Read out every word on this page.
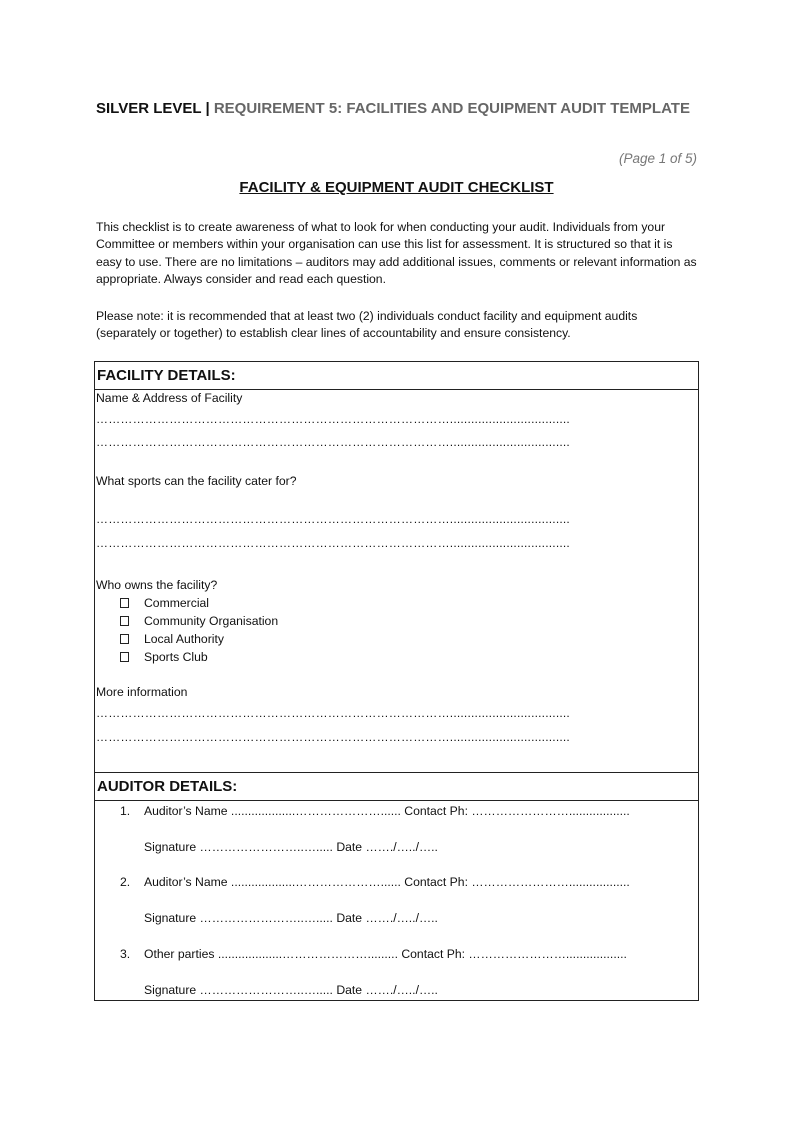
SILVER LEVEL | REQUIREMENT 5: FACILITIES AND EQUIPMENT AUDIT TEMPLATE
(Page 1 of 5)
FACILITY & EQUIPMENT AUDIT CHECKLIST
This checklist is to create awareness of what to look for when conducting your audit. Individuals from your Committee or members within your organisation can use this list for assessment. It is structured so that it is easy to use. There are no limitations – auditors may add additional issues, comments or relevant information as appropriate. Always consider and read each question.
Please note: it is recommended that at least two (2) individuals conduct facility and equipment audits (separately or together) to establish clear lines of accountability and ensure consistency.
FACILITY DETAILS:
Name & Address of Facility
……………………………………………………………………………..................................
……………………………………………………………………………..................................
What sports can the facility cater for?
……………………………………………………………………………..................................
……………………………………………………………………………..................................
Who owns the facility?
Commercial
Community Organisation
Local Authority
Sports Club
More information
……………………………………………………………………………..................................
……………………………………………………………………………..................................
AUDITOR DETAILS:
1. Auditor’s Name ...................…………………...... Contact Ph: ……………………..................
Signature ……………………..…..... Date ……./…../…..
2. Auditor’s Name ...................…………………...... Contact Ph: ……………………..................
Signature ……………………..…..... Date ……./…../…..
3. Other parties ...................…………………......... Contact Ph: ……………………..................
Signature ……………………..…..... Date ……./…../…..
